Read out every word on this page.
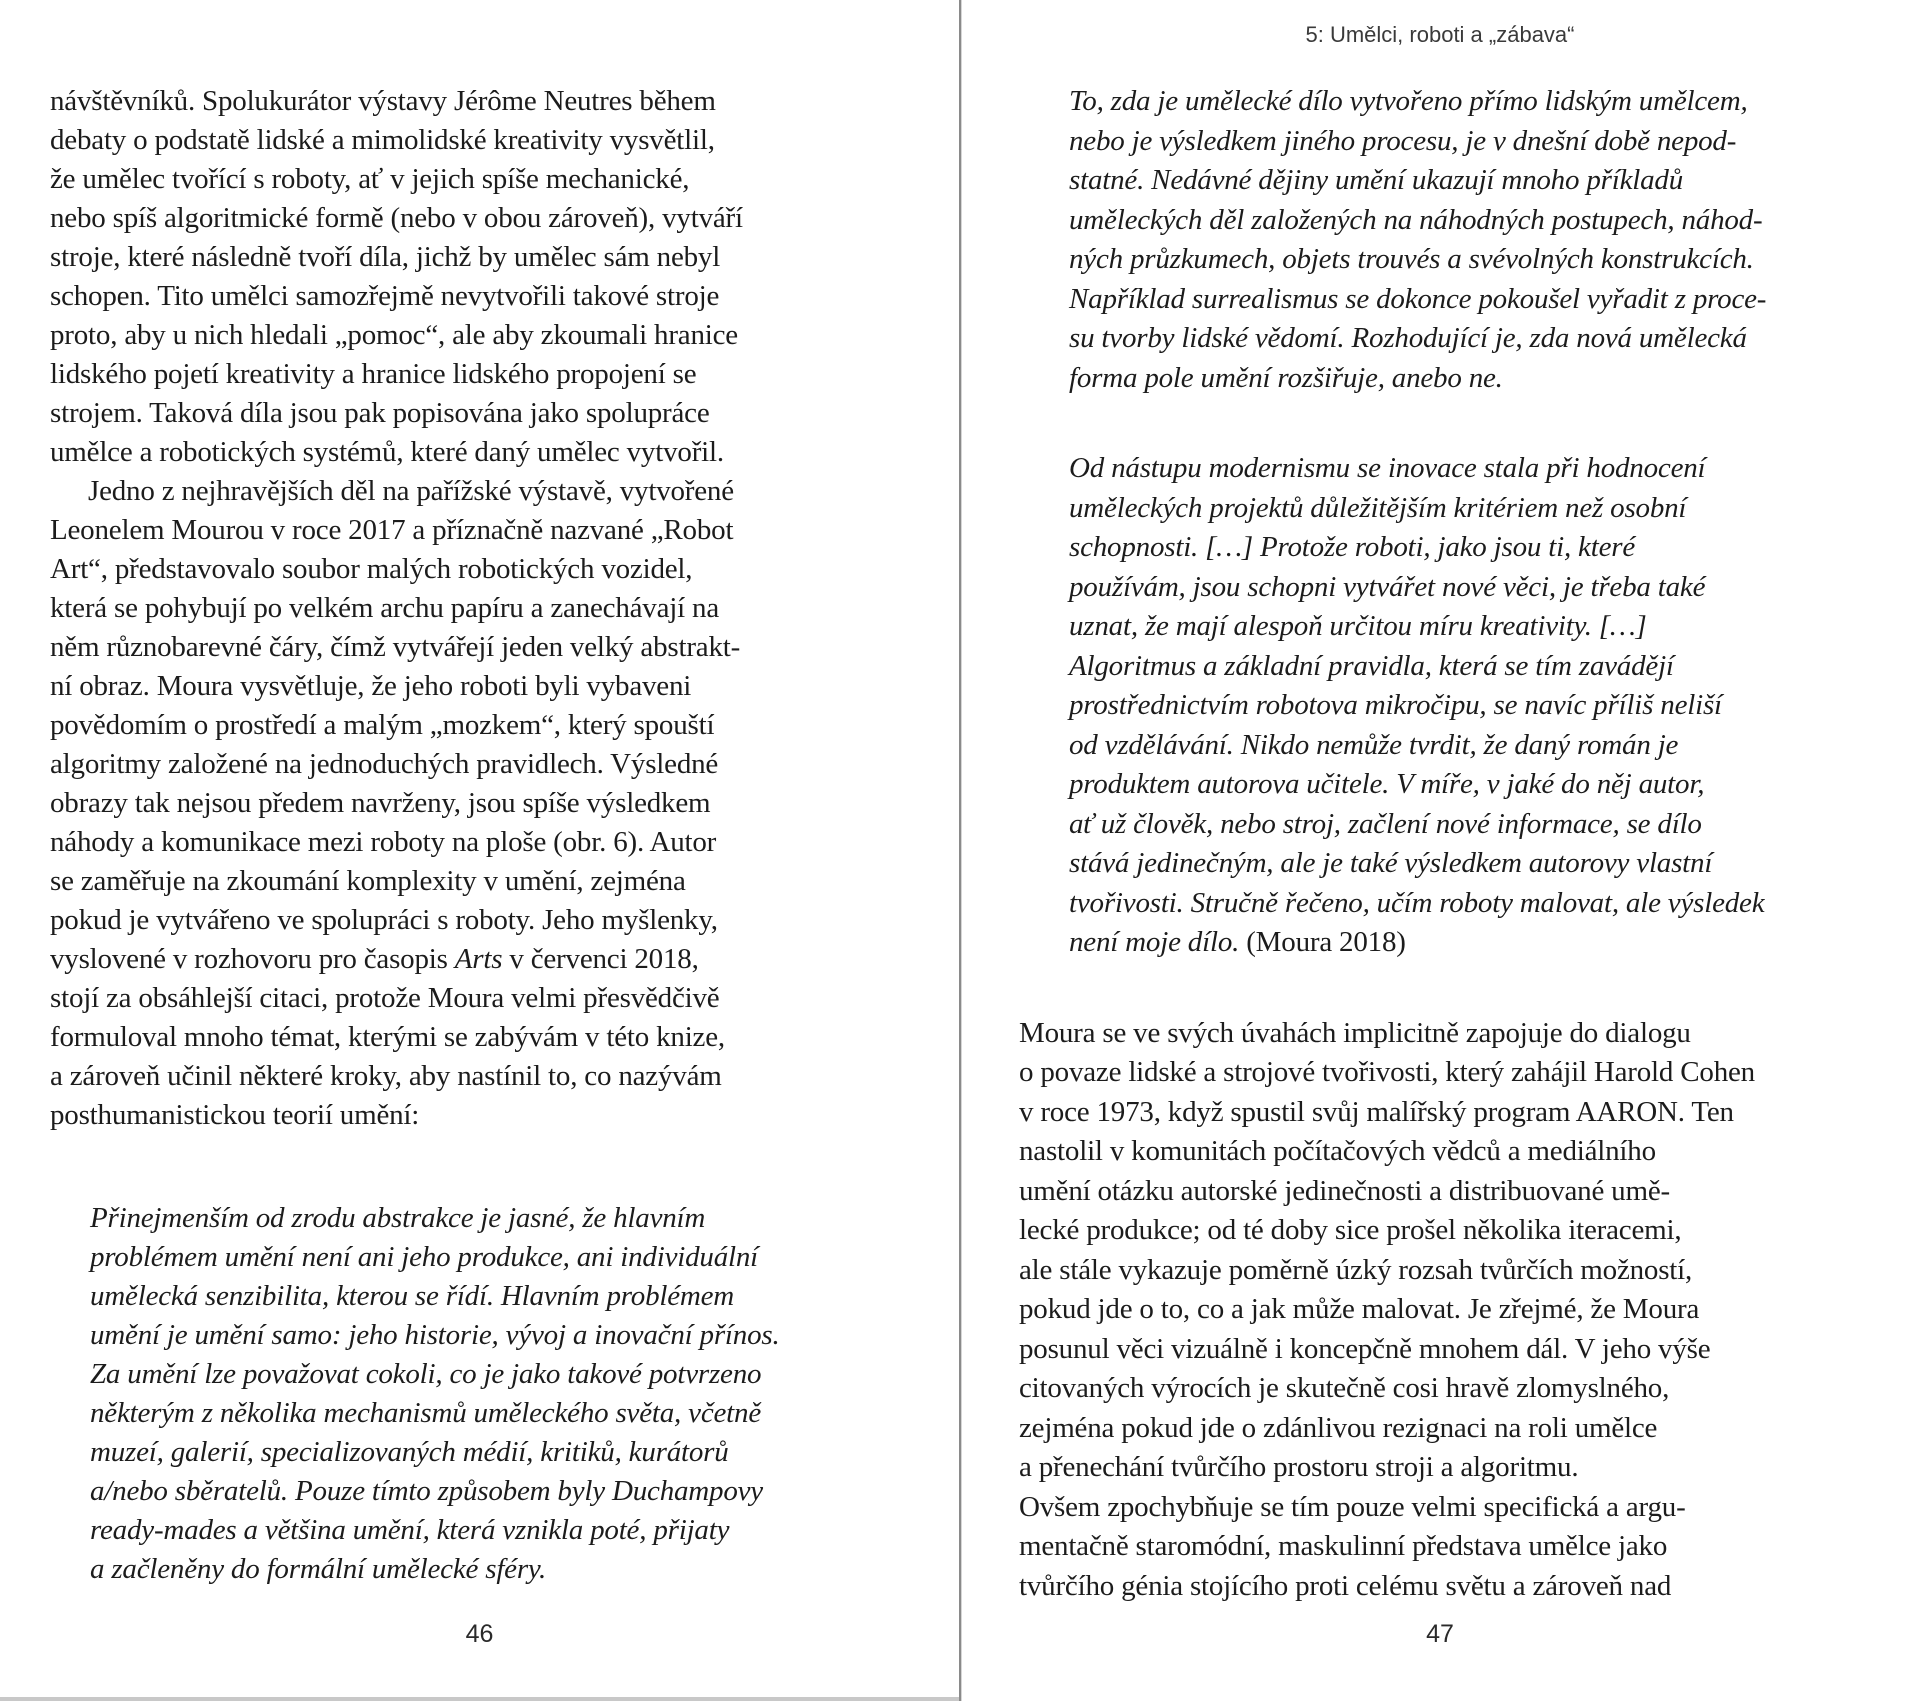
návštěvníků. Spolukurátor výstavy Jérôme Neutres během
debaty o podstatě lidské a mimolidské kreativity vysvětlil,
že umělec tvořící s roboty, ať v jejich spíše mechanické,
nebo spíš algoritmické formě (nebo v obou zároveň), vytváří
stroje, které následně tvoří díla, jichž by umělec sám nebyl
schopen. Tito umělci samozřejmě nevytvořili takové stroje
proto, aby u nich hledali „pomoc“, ale aby zkoumali hranice
lidského pojetí kreativity a hranice lidského propojení se
strojem. Taková díla jsou pak popisována jako spolupráce
umělce a robotických systémů, které daný umělec vytvořil.
Jedno z nejhravějších děl na pařížské výstavě, vytvořené
Leonelem Mourou v roce 2017 a příznačně nazvané „Robot
Art“, představovalo soubor malých robotických vozidel,
která se pohybují po velkém archu papíru a zanechávají na
něm různobarevné čáry, čímž vytvářejí jeden velký abstrakt-
ní obraz. Moura vysvětluje, že jeho roboti byli vybaveni
povědomím o prostředí a malým „mozkem“, který spouští
algoritmy založené na jednoduchých pravidlech. Výsledné
obrazy tak nejsou předem navrženy, jsou spíše výsledkem
náhody a komunikace mezi roboty na ploše (obr. 6). Autor
se zaměřuje na zkoumání komplexity v umění, zejména
pokud je vytvářeno ve spolupráci s roboty. Jeho myšlenky,
vyslovené v rozhovoru pro časopis Arts v červenci 2018,
stojí za obsáhlejší citaci, protože Moura velmi přesvědčivě
formuloval mnoho témat, kterými se zabývám v této knize,
a zároveň učinil některé kroky, aby nastínil to, co nazývám
posthumanistickou teorií umění:
Přinejmenším od zrodu abstrakce je jasné, že hlavním
problémem umění není ani jeho produkce, ani individuální
umělecká senzibilita, kterou se řídí. Hlavním problémem
umění je umění samo: jeho historie, vývoj a inovační přínos.
Za umění lze považovat cokoli, co je jako takové potvrzeno
některým z několika mechanismů uměleckého světa, včetně
muzeí, galerií, specializovaných médií, kritiků, kurátorů
a/nebo sběratelů. Pouze tímto způsobem byly Duchampovy
ready-mades a většina umění, která vznikla poté, přijaty
a začleněny do formální umělecké sféry.
46
5: Umělci, roboti a „zábava“
To, zda je umělecké dílo vytvořeno přímo lidským umělcem,
nebo je výsledkem jiného procesu, je v dnešní době nepod-
statné. Nedávné dějiny umění ukazují mnoho příkladů
uměleckých děl založených na náhodných postupech, náhod-
ných průzkumech, objets trouvés a svévolných konstrukcích.
Například surrealismus se dokonce pokoušel vyřadit z proce-
su tvorby lidské vědomí. Rozhodující je, zda nová umělecká
forma pole umění rozšiřuje, anebo ne.
Od nástupu modernismu se inovace stala při hodnocení
uměleckých projektů důležitějším kritériem než osobní
schopnosti. […] Protože roboti, jako jsou ti, které
používám, jsou schopni vytvářet nové věci, je třeba také
uznat, že mají alespoň určitou míru kreativity. […]
Algoritmus a základní pravidla, která se tím zavádějí
prostřednictvím robotova mikročipu, se navíc příliš neliší
od vzdělávání. Nikdo nemůže tvrdit, že daný román je
produktem autorova učitele. V míře, v jaké do něj autor,
ať už člověk, nebo stroj, začlení nové informace, se dílo
stává jedinečným, ale je také výsledkem autorovy vlastní
tvořivosti. Stručně řečeno, učím roboty malovat, ale výsledek
není moje dílo. (Moura 2018)
Moura se ve svých úvahách implicitně zapojuje do dialogu
o povaze lidské a strojové tvořivosti, který zahájil Harold Cohen
v roce 1973, když spustil svůj malířský program AARON. Ten
nastolil v komunitách počítačových vědců a mediálního
umění otázku autorské jedinečnosti a distribuované umě-
lecké produkce; od té doby sice prošel několika iteracemi,
ale stále vykazuje poměrně úzký rozsah tvůrčích možností,
pokud jde o to, co a jak může malovat. Je zřejmé, že Moura
posunul věci vizuálně i koncepčně mnohem dál. V jeho výše
citovaných výrocích je skutečně cosi hravě zlomyslného,
zejména pokud jde o zdánlivou rezignaci na roli umělce
a přenechání tvůrčího prostoru stroji a algoritmu.
Ovšem zpochybňuje se tím pouze velmi specifická a argu-
mentačně staromódní, maskulinní představa umělce jako
tvůrčího génia stojícího proti celému světu a zároveň nad
47
